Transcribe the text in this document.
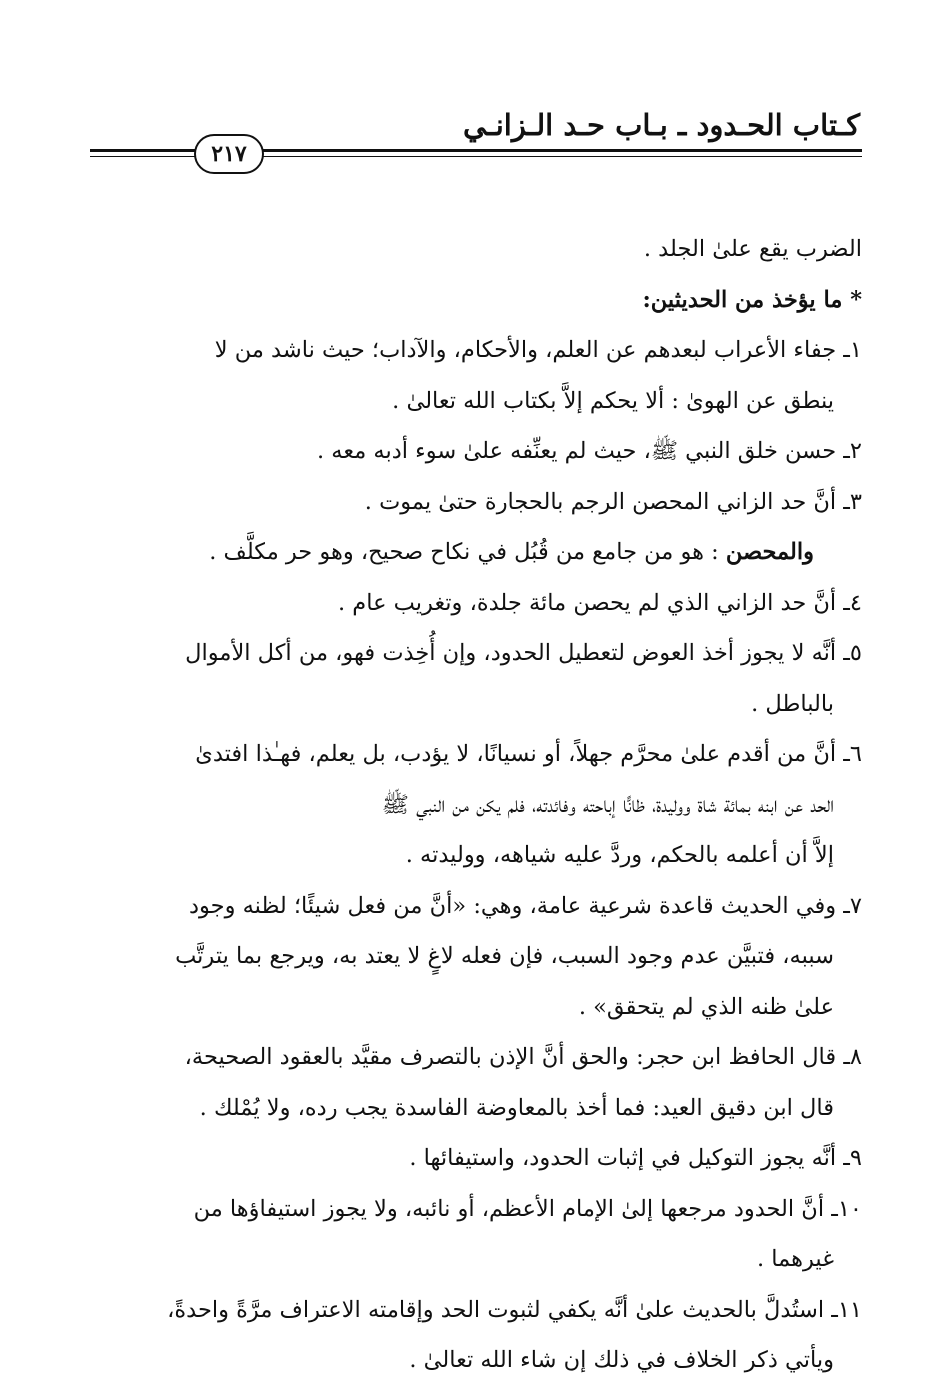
كـتاب الحـدود ـ بـاب حـد الـزانـي
٢١٧
الضرب يقع علىٰ الجلد .
* ما يؤخذ من الحديثين:
١ـ جفاء الأعراب لبعدهم عن العلم، والأحكام، والآداب؛ حيث ناشد من لا
ينطق عن الهوىٰ : ألا يحكم إلاَّ بكتاب الله تعالىٰ .
٢ـ حسن خلق النبي ﷺ، حيث لم يعنِّفه علىٰ سوء أدبه معه .
٣ـ أنَّ حد الزاني المحصن الرجم بالحجارة حتىٰ يموت .
والمحصن : هو من جامع من قُبُل في نكاح صحيح، وهو حر مكلَّف .
٤ـ أنَّ حد الزاني الذي لم يحصن مائة جلدة، وتغريب عام .
٥ـ أنَّه لا يجوز أخذ العوض لتعطيل الحدود، وإن أُخِذت فهو، من أكل الأموال
بالباطل .
٦ـ أنَّ من أقدم علىٰ محرَّم جهلاً، أو نسيانًا، لا يؤدب، بل يعلم، فهـٰذا افتدىٰ
الحد عن ابنه بمائة شاة ووليدة، ظانًّا إباحته وفائدته، فلم يكن من النبي ﷺ
إلاَّ أن أعلمه بالحكم، وردَّ عليه شياهه، ووليدته .
٧ـ وفي الحديث قاعدة شرعية عامة، وهي: «أنَّ من فعل شيئًا؛ لظنه وجود
سببه، فتبيَّن عدم وجود السبب، فإن فعله لاغٍ لا يعتد به، ويرجع بما يترتَّب
علىٰ ظنه الذي لم يتحقق» .
٨ـ قال الحافظ ابن حجر: والحق أنَّ الإذن بالتصرف مقيَّد بالعقود الصحيحة،
قال ابن دقيق العيد: فما أخذ بالمعاوضة الفاسدة يجب رده، ولا يُمْلك .
٩ـ أنَّه يجوز التوكيل في إثبات الحدود، واستيفائها .
١٠ـ أنَّ الحدود مرجعها إلىٰ الإمام الأعظم، أو نائبه، ولا يجوز استيفاؤها من
غيرهما .
١١ـ استُدلَّ بالحديث علىٰ أنَّه يكفي لثبوت الحد وإقامته الاعتراف مرَّةً واحدةً،
ويأتي ذكر الخلاف في ذلك إن شاء الله تعالىٰ .
